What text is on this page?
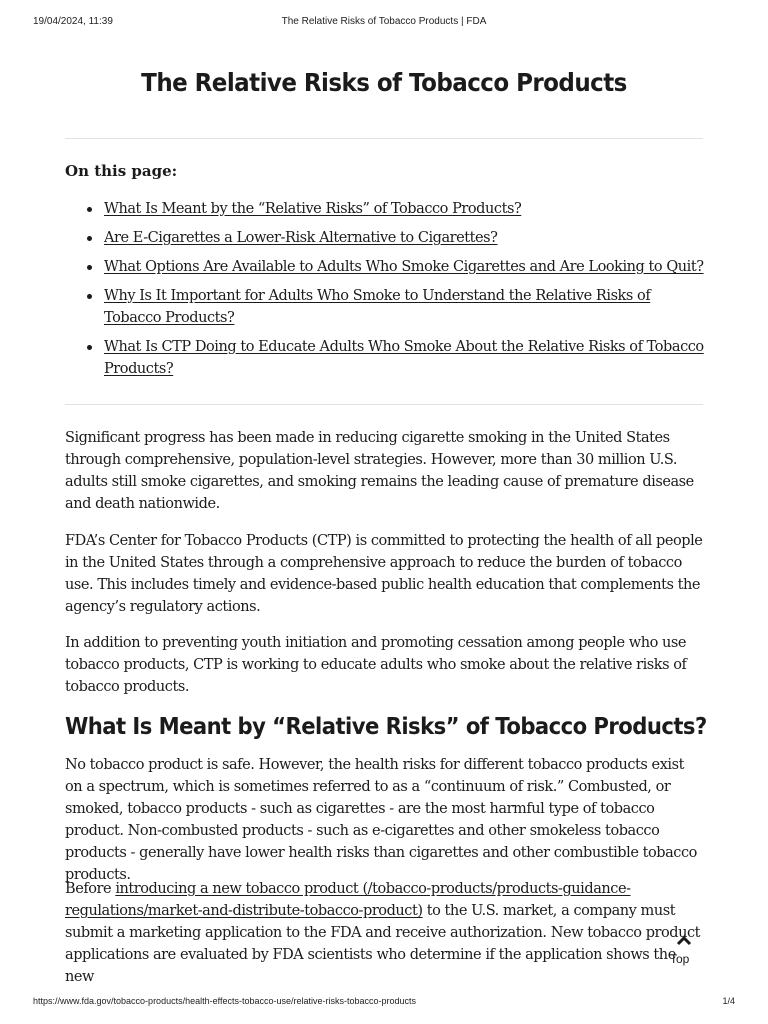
19/04/2024, 11:39	The Relative Risks of Tobacco Products | FDA
The Relative Risks of Tobacco Products
On this page:
What Is Meant by the “Relative Risks” of Tobacco Products?
Are E-Cigarettes a Lower-Risk Alternative to Cigarettes?
What Options Are Available to Adults Who Smoke Cigarettes and Are Looking to Quit?
Why Is It Important for Adults Who Smoke to Understand the Relative Risks of Tobacco Products?
What Is CTP Doing to Educate Adults Who Smoke About the Relative Risks of Tobacco Products?

Significant progress has been made in reducing cigarette smoking in the United States through comprehensive, population-level strategies. However, more than 30 million U.S. adults still smoke cigarettes, and smoking remains the leading cause of premature disease and death nationwide.

FDA’s Center for Tobacco Products (CTP) is committed to protecting the health of all people in the United States through a comprehensive approach to reduce the burden of tobacco use. This includes timely and evidence-based public health education that complements the agency’s regulatory actions.

In addition to preventing youth initiation and promoting cessation among people who use tobacco products, CTP is working to educate adults who smoke about the relative risks of tobacco products.

What Is Meant by “Relative Risks” of Tobacco Products?

No tobacco product is safe. However, the health risks for different tobacco products exist on a spectrum, which is sometimes referred to as a “continuum of risk.” Combusted, or smoked, tobacco products - such as cigarettes - are the most harmful type of tobacco product. Non-combusted products - such as e-cigarettes and other smokeless tobacco products - generally have lower health risks than cigarettes and other combustible tobacco products.

Before introducing a new tobacco product (/tobacco-products/products-guidance-regulations/market-and-distribute-tobacco-product) to the U.S. market, a company must submit a marketing application to the FDA and receive authorization. New tobacco product applications are evaluated by FDA scientists who determine if the application shows the new

Top
https://www.fda.gov/tobacco-products/health-effects-tobacco-use/relative-risks-tobacco-products	1/4
